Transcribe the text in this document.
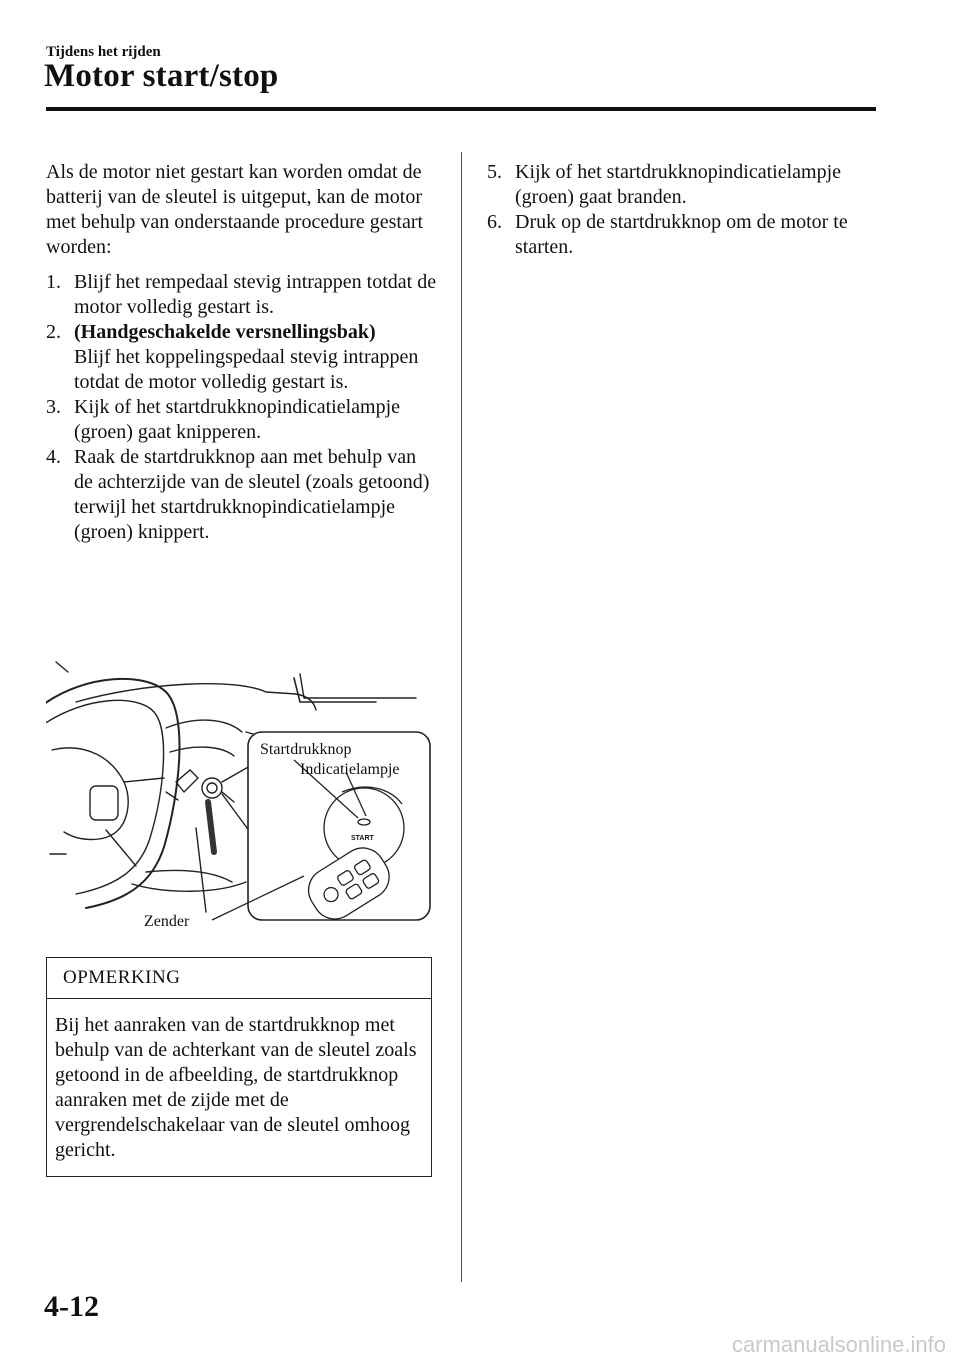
Tijdens het rijden
Motor start/stop

Als de motor niet gestart kan worden omdat de batterij van de sleutel is uitgeput, kan de motor met behulp van onderstaande procedure gestart worden:

1. Blijf het rempedaal stevig intrappen totdat de motor volledig gestart is.
2. (Handgeschakelde versnellingsbak)
Blijf het koppelingspedaal stevig intrappen totdat de motor volledig gestart is.
3. Kijk of het startdrukknopindicatielampje (groen) gaat knipperen.
4. Raak de startdrukknop aan met behulp van de achterzijde van de sleutel (zoals getoond) terwijl het startdrukknopindicatielampje (groen) knippert.
5. Kijk of het startdrukknopindicatielampje (groen) gaat branden.
6. Druk op de startdrukknop om de motor te starten.
START
Startdrukknop
Indicatielampje
Zender
OPMERKING
Bij het aanraken van de startdrukknop met behulp van de achterkant van de sleutel zoals getoond in de afbeelding, de startdrukknop aanraken met de zijde met de vergrendelschakelaar van de sleutel omhoog gericht.
4-12
carmanualsonline.info
